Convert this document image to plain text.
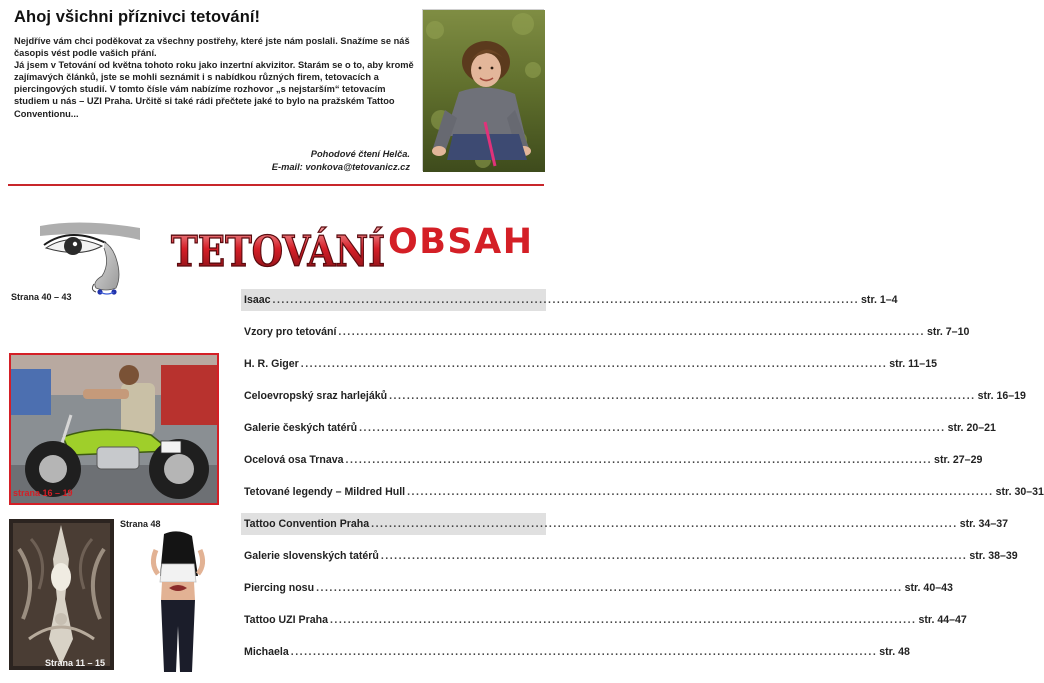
Ahoj všichni příznivci tetování!

Nejdříve vám chci poděkovat za všechny postřehy, které jste nám poslali. Snažíme se náš časopis vést podle vašich přání.

Já jsem v Tetování od května tohoto roku jako inzertní akvizitor. Starám se o to, aby kromě zajímavých článků, jste se mohli seznámit i s nabídkou různých firem, tetovacích a piercingových studií. V tomto čísle vám nabízíme rozhovor „s nejstarším“ tetovacím studiem u nás – UZI Praha. Určitě si také rádi přečtete jaké to bylo na pražském Tattoo Conventionu...

Pohodové čtení Helča.
E-mail: vonkova@tetovanicz.cz
TETOVÁNÍ
OBSAH
Strana 40 – 43
strana 16 – 19
Strana 11 – 15
Strana 48
Isaac .....	str. 1–4
Vzory pro tetování .....	str. 7–10
H. R. Giger .....	str. 11–15
Celoevropský sraz harlejáků .....	str. 16–19
Galerie českých tatérů .....	str. 20–21
Ocelová osa Trnava .....	str. 27–29
Tetované legendy – Mildred Hull .....	str. 30–31
Tattoo Convention Praha .....	str. 34–37
Galerie slovenských tatérů .....	str. 38–39
Piercing nosu .....	str. 40–43
Tattoo UZI Praha .....	str. 44–47
Michaela .....	str. 48
